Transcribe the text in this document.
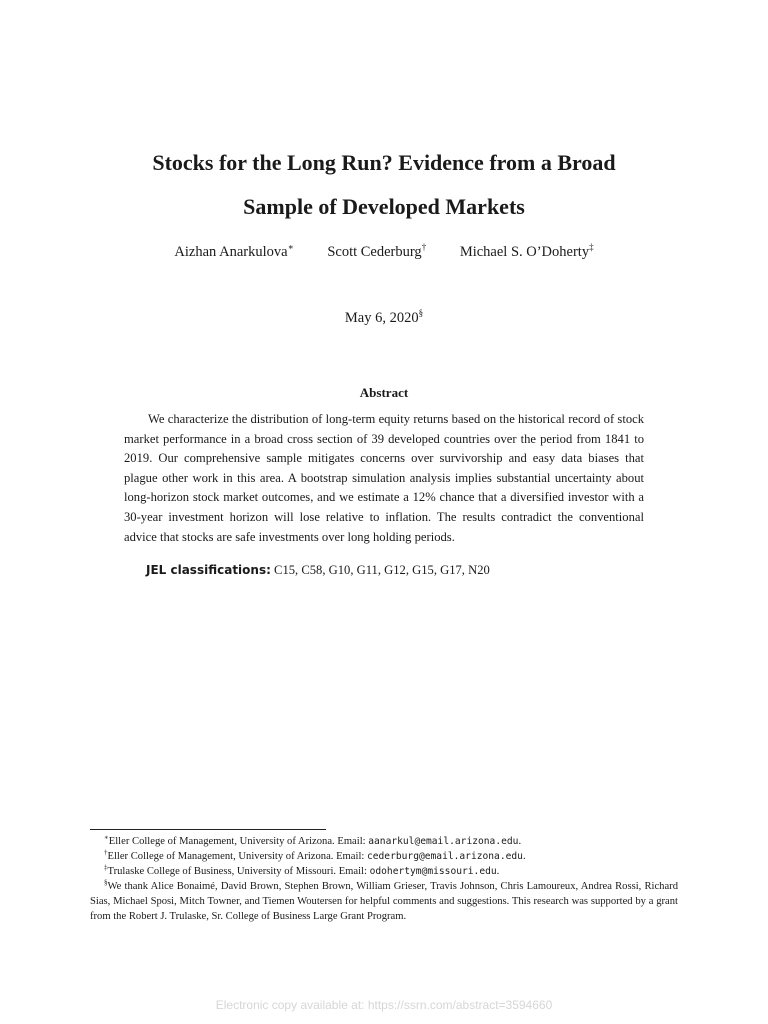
Stocks for the Long Run? Evidence from a Broad
Sample of Developed Markets
Aizhan Anarkulova∗ Scott Cederburg† Michael S. O’Doherty‡
May 6, 2020§
Abstract

We characterize the distribution of long-term equity returns based on the historical record of stock market performance in a broad cross section of 39 developed countries over the period from 1841 to 2019. Our comprehensive sample mitigates concerns over survivorship and easy data biases that plague other work in this area. A bootstrap simulation analysis implies substantial uncertainty about long-horizon stock market outcomes, and we estimate a 12% chance that a diversified investor with a 30-year investment horizon will lose relative to inflation. The results contradict the conventional advice that stocks are safe investments over long holding periods.

JEL classifications: C15, C58, G10, G11, G12, G15, G17, N20

∗Eller College of Management, University of Arizona. Email: aanarkul@email.arizona.edu.

†Eller College of Management, University of Arizona. Email: cederburg@email.arizona.edu.

‡Trulaske College of Business, University of Missouri. Email: odohertym@missouri.edu.

§We thank Alice Bonaimé, David Brown, Stephen Brown, William Grieser, Travis Johnson, Chris Lamoureux, Andrea Rossi, Richard Sias, Michael Sposi, Mitch Towner, and Tiemen Woutersen for helpful comments and suggestions. This research was supported by a grant from the Robert J. Trulaske, Sr. College of Business Large Grant Program.

Electronic copy available at: https://ssrn.com/abstract=3594660
